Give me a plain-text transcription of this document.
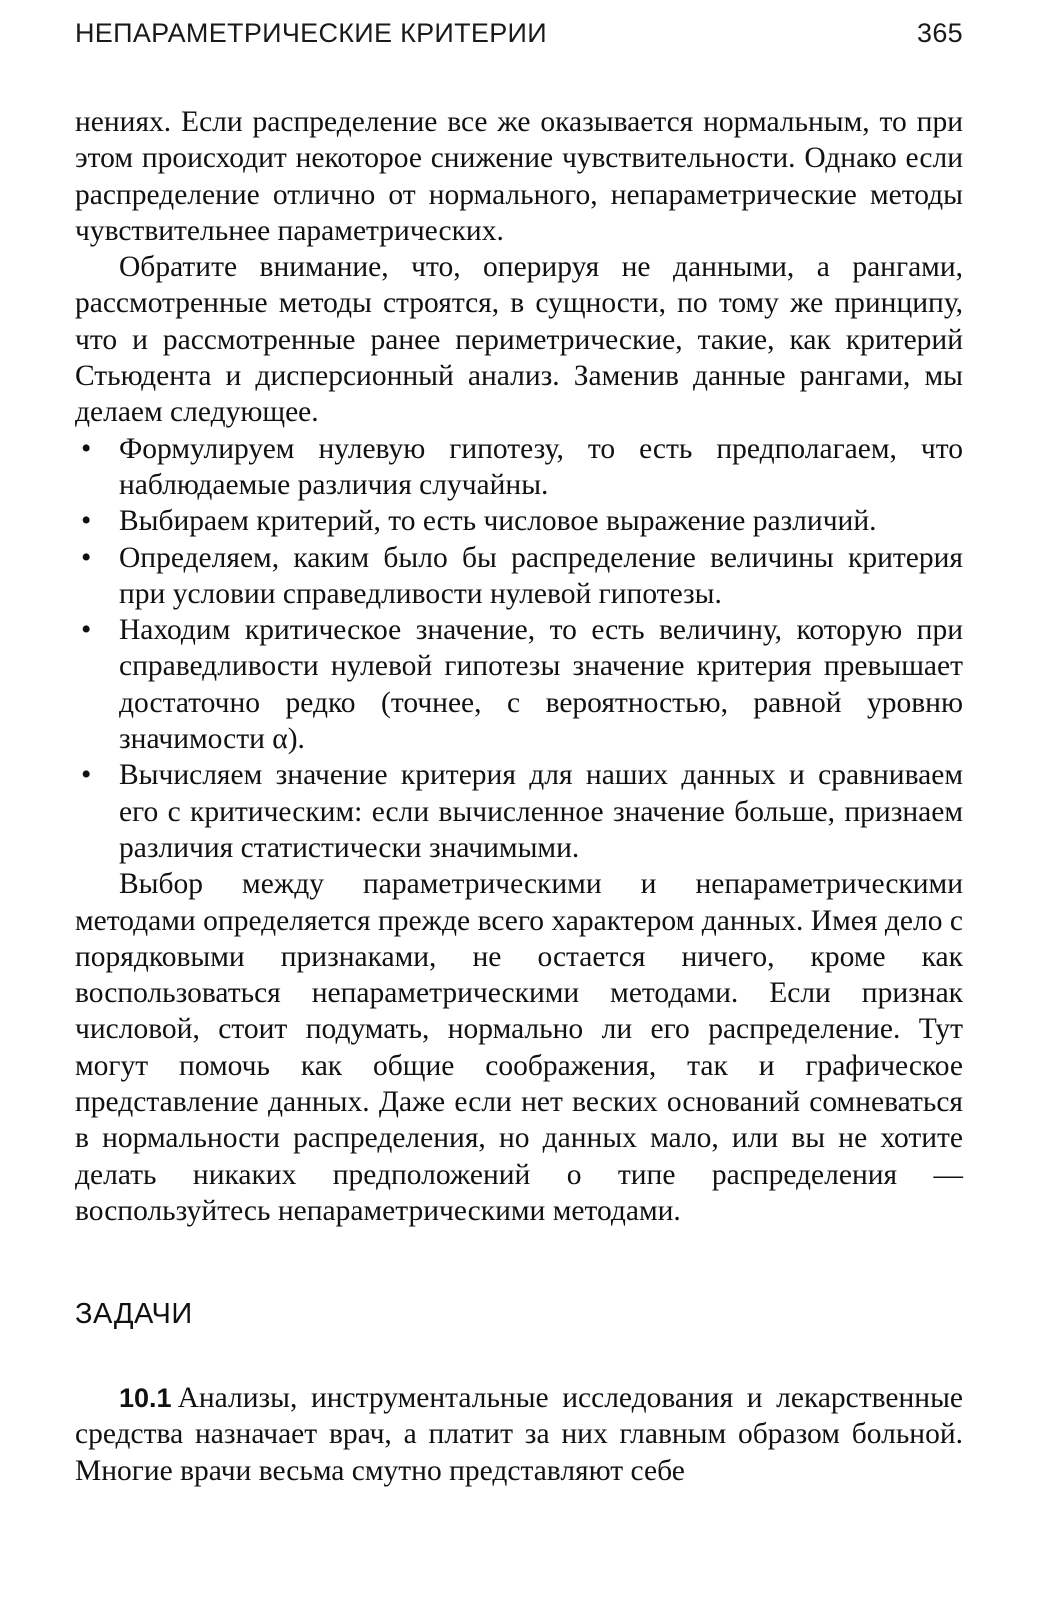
НЕПАРАМЕТРИЧЕСКИЕ КРИТЕРИИ	365

нениях. Если распределение все же оказывается нормальным, то при этом происходит некоторое снижение чувствительности. Однако если распределение отлично от нормального, непараметрические методы чувствительнее параметрических.

Обратите внимание, что, оперируя не данными, а рангами, рассмотренные методы строятся, в сущности, по тому же принципу, что и рассмотренные ранее периметрические, такие, как критерий Стьюдента и дисперсионный анализ. Заменив данные рангами, мы делаем следующее.

• Формулируем нулевую гипотезу, то есть предполагаем, что наблюдаемые различия случайны.
• Выбираем критерий, то есть числовое выражение различий.
• Определяем, каким было бы распределение величины критерия при условии справедливости нулевой гипотезы.
• Находим критическое значение, то есть величину, которую при справедливости нулевой гипотезы значение критерия превышает достаточно редко (точнее, с вероятностью, равной уровню значимости α).
• Вычисляем значение критерия для наших данных и сравниваем его с критическим: если вычисленное значение больше, признаем различия статистически значимыми.

Выбор между параметрическими и непараметрическими методами определяется прежде всего характером данных. Имея дело с порядковыми признаками, не остается ничего, кроме как воспользоваться непараметрическими методами. Если признак числовой, стоит подумать, нормально ли его распределение. Тут могут помочь как общие соображения, так и графическое представление данных. Даже если нет веских оснований сомневаться в нормальности распределения, но данных мало, или вы не хотите делать никаких предположений о типе распределения — воспользуйтесь непараметрическими методами.

ЗАДАЧИ

10.1 Анализы, инструментальные исследования и лекарственные средства назначает врач, а платит за них главным образом больной. Многие врачи весьма смутно представляют себе
